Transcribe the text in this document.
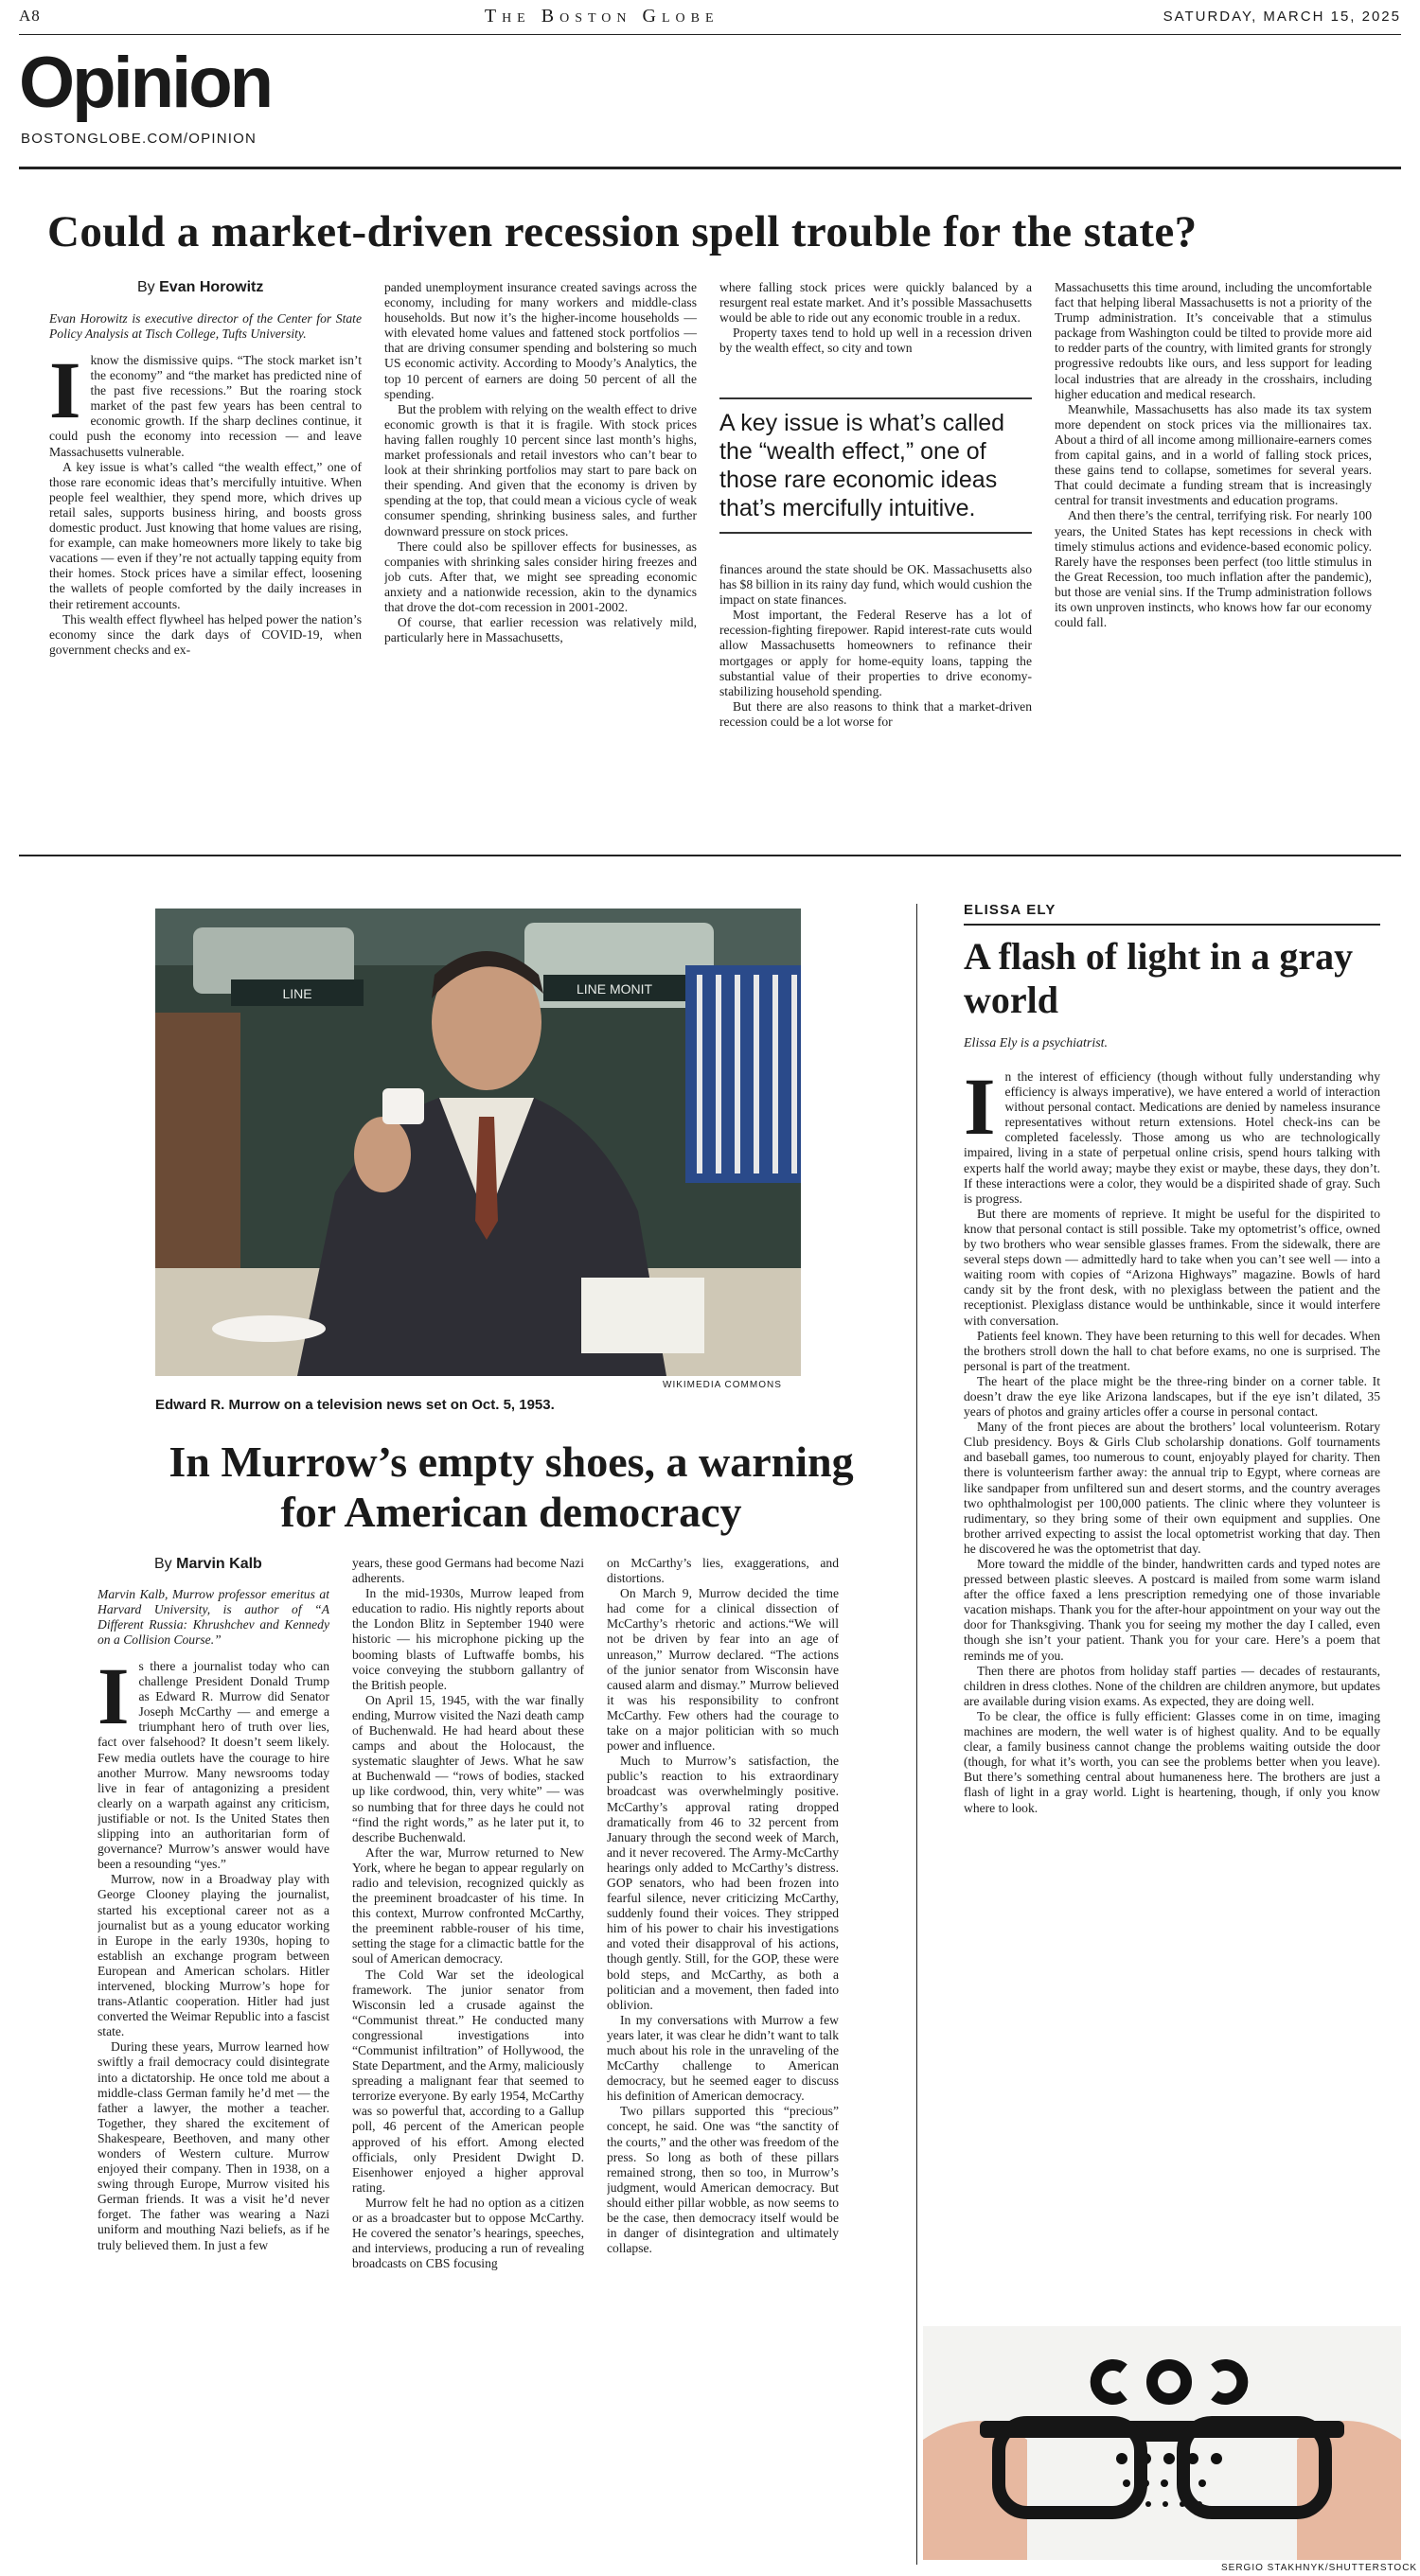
A8	The Boston Globe	SATURDAY, MARCH 15, 2025
Opinion
BOSTONGLOBE.COM/OPINION
Could a market-driven recession spell trouble for the state?
By Evan Horowitz
Evan Horowitz is executive director of the Center for State Policy Analysis at Tisch College, Tufts University.

Iknow the dismissive quips. “The stock market isn’t the economy” and “the market has predicted nine of the past five recessions.” But the roaring stock market of the past few years has been central to economic growth. If the sharp declines continue, it could push the economy into recession — and leave Massachusetts vulnerable.

A key issue is what’s called “the wealth effect,” one of those rare economic ideas that’s mercifully intuitive. When people feel wealthier, they spend more, which drives up retail sales, supports business hiring, and boosts gross domestic product. Just knowing that home values are rising, for example, can make homeowners more likely to take big vacations — even if they’re not actually tapping equity from their homes. Stock prices have a similar effect, loosening the wallets of people comforted by the daily increases in their retirement accounts.

This wealth effect flywheel has helped power the nation’s economy since the dark days of COVID-19, when government checks and ex-

panded unemployment insurance created savings across the economy, including for many workers and middle-class households. But now it’s the higher-income households — with elevated home values and fattened stock portfolios — that are driving consumer spending and bolstering so much US economic activity. According to Moody’s Analytics, the top 10 percent of earners are doing 50 percent of all the spending.

But the problem with relying on the wealth effect to drive economic growth is that it is fragile. With stock prices having fallen roughly 10 percent since last month’s highs, market professionals and retail investors who can’t bear to look at their shrinking portfolios may start to pare back on their spending. And given that the economy is driven by spending at the top, that could mean a vicious cycle of weak consumer spending, shrinking business sales, and further downward pressure on stock prices.

There could also be spillover effects for businesses, as companies with shrinking sales consider hiring freezes and job cuts. After that, we might see spreading economic anxiety and a nationwide recession, akin to the dynamics that drove the dot-com recession in 2001-2002.

Of course, that earlier recession was relatively mild, particularly here in Massachusetts,

where falling stock prices were quickly balanced by a resurgent real estate market. And it’s possible Massachusetts would be able to ride out any economic trouble in a redux.

Property taxes tend to hold up well in a recession driven by the wealth effect, so city and town

A key issue is what’s called the “wealth effect,” one of those rare economic ideas that’s mercifully intuitive.

finances around the state should be OK. Massachusetts also has $8 billion in its rainy day fund, which would cushion the impact on state finances.

Most important, the Federal Reserve has a lot of recession-fighting firepower. Rapid interest-rate cuts would allow Massachusetts homeowners to refinance their mortgages or apply for home-equity loans, tapping the substantial value of their properties to drive economy-stabilizing household spending.

But there are also reasons to think that a market-driven recession could be a lot worse for

Massachusetts this time around, including the uncomfortable fact that helping liberal Massachusetts is not a priority of the Trump administration. It’s conceivable that a stimulus package from Washington could be tilted to provide more aid to redder parts of the country, with limited grants for strongly progressive redoubts like ours, and less support for leading local industries that are already in the crosshairs, including higher education and medical research.

Meanwhile, Massachusetts has also made its tax system more dependent on stock prices via the millionaires tax. About a third of all income among millionaire-earners comes from capital gains, and in a world of falling stock prices, these gains tend to collapse, sometimes for several years. That could decimate a funding stream that is increasingly central for transit investments and education programs.

And then there’s the central, terrifying risk. For nearly 100 years, the United States has kept recessions in check with timely stimulus actions and evidence-based economic policy. Rarely have the responses been perfect (too little stimulus in the Great Recession, too much inflation after the pandemic), but those are venial sins. If the Trump administration follows its own unproven instincts, who knows how far our economy could fall.

LINE	LINE MONIT
WIKIMEDIA COMMONS
Edward R. Murrow on a television news set on Oct. 5, 1953.
In Murrow’s empty shoes, a warning for American democracy
By Marvin Kalb
Marvin Kalb, Murrow professor emeritus at Harvard University, is author of “A Different Russia: Khrushchev and Kennedy on a Collision Course.”

Is there a journalist today who can challenge President Donald Trump as Edward R. Murrow did Senator Joseph McCarthy — and emerge a triumphant hero of truth over lies, fact over falsehood? It doesn’t seem likely. Few media outlets have the courage to hire another Murrow. Many newsrooms today live in fear of antagonizing a president clearly on a warpath against any criticism, justifiable or not. Is the United States then slipping into an authoritarian form of governance? Murrow’s answer would have been a resounding “yes.”

Murrow, now in a Broadway play with George Clooney playing the journalist, started his exceptional career not as a journalist but as a young educator working in Europe in the early 1930s, hoping to establish an exchange program between European and American scholars. Hitler intervened, blocking Murrow’s hope for trans-Atlantic cooperation. Hitler had just converted the Weimar Republic into a fascist state.

During these years, Murrow learned how swiftly a frail democracy could disintegrate into a dictatorship. He once told me about a middle-class German family he’d met — the father a lawyer, the mother a teacher. Together, they shared the excitement of Shakespeare, Beethoven, and many other wonders of Western culture. Murrow enjoyed their company. Then in 1938, on a swing through Europe, Murrow visited his German friends. It was a visit he’d never forget. The father was wearing a Nazi uniform and mouthing Nazi beliefs, as if he truly believed them. In just a few

years, these good Germans had become Nazi adherents.

In the mid-1930s, Murrow leaped from education to radio. His nightly reports about the London Blitz in September 1940 were historic — his microphone picking up the booming blasts of Luftwaffe bombs, his voice conveying the stubborn gallantry of the British people.

On April 15, 1945, with the war finally ending, Murrow visited the Nazi death camp of Buchenwald. He had heard about these camps and about the Holocaust, the systematic slaughter of Jews. What he saw at Buchenwald — “rows of bodies, stacked up like cordwood, thin, very white” — was so numbing that for three days he could not “find the right words,” as he later put it, to describe Buchenwald.

After the war, Murrow returned to New York, where he began to appear regularly on radio and television, recognized quickly as the preeminent broadcaster of his time. In this context, Murrow confronted McCarthy, the preeminent rabble-rouser of his time, setting the stage for a climactic battle for the soul of American democracy.

The Cold War set the ideological framework. The junior senator from Wisconsin led a crusade against the “Communist threat.” He conducted many congressional investigations into “Communist infiltration” of Hollywood, the State Department, and the Army, maliciously spreading a malignant fear that seemed to terrorize everyone. By early 1954, McCarthy was so powerful that, according to a Gallup poll, 46 percent of the American people approved of his effort. Among elected officials, only President Dwight D. Eisenhower enjoyed a higher approval rating.

Murrow felt he had no option as a citizen or as a broadcaster but to oppose McCarthy. He covered the senator’s hearings, speeches, and interviews, producing a run of revealing broadcasts on CBS focusing

on McCarthy’s lies, exaggerations, and distortions.

On March 9, Murrow decided the time had come for a clinical dissection of McCarthy’s rhetoric and actions.“We will not be driven by fear into an age of unreason,” Murrow declared. “The actions of the junior senator from Wisconsin have caused alarm and dismay.” Murrow believed it was his responsibility to confront McCarthy. Few others had the courage to take on a major politician with so much power and influence.

Much to Murrow’s satisfaction, the public’s reaction to his extraordinary broadcast was overwhelmingly positive. McCarthy’s approval rating dropped dramatically from 46 to 32 percent from January through the second week of March, and it never recovered. The Army-McCarthy hearings only added to McCarthy’s distress. GOP senators, who had been frozen into fearful silence, never criticizing McCarthy, suddenly found their voices. They stripped him of his power to chair his investigations and voted their disapproval of his actions, though gently. Still, for the GOP, these were bold steps, and McCarthy, as both a politician and a movement, then faded into oblivion.

In my conversations with Murrow a few years later, it was clear he didn’t want to talk much about his role in the unraveling of the McCarthy challenge to American democracy, but he seemed eager to discuss his definition of American democracy.

Two pillars supported this “precious” concept, he said. One was “the sanctity of the courts,” and the other was freedom of the press. So long as both of these pillars remained strong, then so too, in Murrow’s judgment, would American democracy. But should either pillar wobble, as now seems to be the case, then democracy itself would be in danger of disintegration and ultimately collapse.

ELISSA ELY
A flash of light in a gray world
Elissa Ely is a psychiatrist.

In the interest of efficiency (though without fully understanding why efficiency is always imperative), we have entered a world of interaction without personal contact. Medications are denied by nameless insurance representatives without return extensions. Hotel check-ins can be completed facelessly. Those among us who are technologically impaired, living in a state of perpetual online crisis, spend hours talking with experts half the world away; maybe they exist or maybe, these days, they don’t. If these interactions were a color, they would be a dispirited shade of gray. Such is progress.

But there are moments of reprieve. It might be useful for the dispirited to know that personal contact is still possible. Take my optometrist’s office, owned by two brothers who wear sensible glasses frames. From the sidewalk, there are several steps down — admittedly hard to take when you can’t see well — into a waiting room with copies of “Arizona Highways” magazine. Bowls of hard candy sit by the front desk, with no plexiglass between the patient and the receptionist. Plexiglass distance would be unthinkable, since it would interfere with conversation.

Patients feel known. They have been returning to this well for decades. When the brothers stroll down the hall to chat before exams, no one is surprised. The personal is part of the treatment.

The heart of the place might be the three-ring binder on a corner table. It doesn’t draw the eye like Arizona landscapes, but if the eye isn’t dilated, 35 years of photos and grainy articles offer a course in personal contact.

Many of the front pieces are about the brothers’ local volunteerism. Rotary Club presidency. Boys & Girls Club scholarship donations. Golf tournaments and baseball games, too numerous to count, enjoyably played for charity. Then there is volunteerism farther away: the annual trip to Egypt, where corneas are like sandpaper from unfiltered sun and desert storms, and the country averages two ophthalmologist per 100,000 patients. The clinic where they volunteer is rudimentary, so they bring some of their own equipment and supplies. One brother arrived expecting to assist the local optometrist working that day. Then he discovered he was the optometrist that day.

More toward the middle of the binder, handwritten cards and typed notes are pressed between plastic sleeves. A postcard is mailed from some warm island after the office faxed a lens prescription remedying one of those invariable vacation mishaps. Thank you for the after-hour appointment on your way out the door for Thanksgiving. Thank you for seeing my mother the day I called, even though she isn’t your patient. Thank you for your care. Here’s a poem that reminds me of you.

Then there are photos from holiday staff parties — decades of restaurants, children in dress clothes. None of the children are children anymore, but updates are available during vision exams. As expected, they are doing well.

To be clear, the office is fully efficient: Glasses come in on time, imaging machines are modern, the well water is of highest quality. And to be equally clear, a family business cannot change the problems waiting outside the door (though, for what it’s worth, you can see the problems better when you leave). But there’s something central about humaneness here. The brothers are just a flash of light in a gray world. Light is heartening, though, if only you know where to look.

SERGIO STAKHNYK/SHUTTERSTOCK
